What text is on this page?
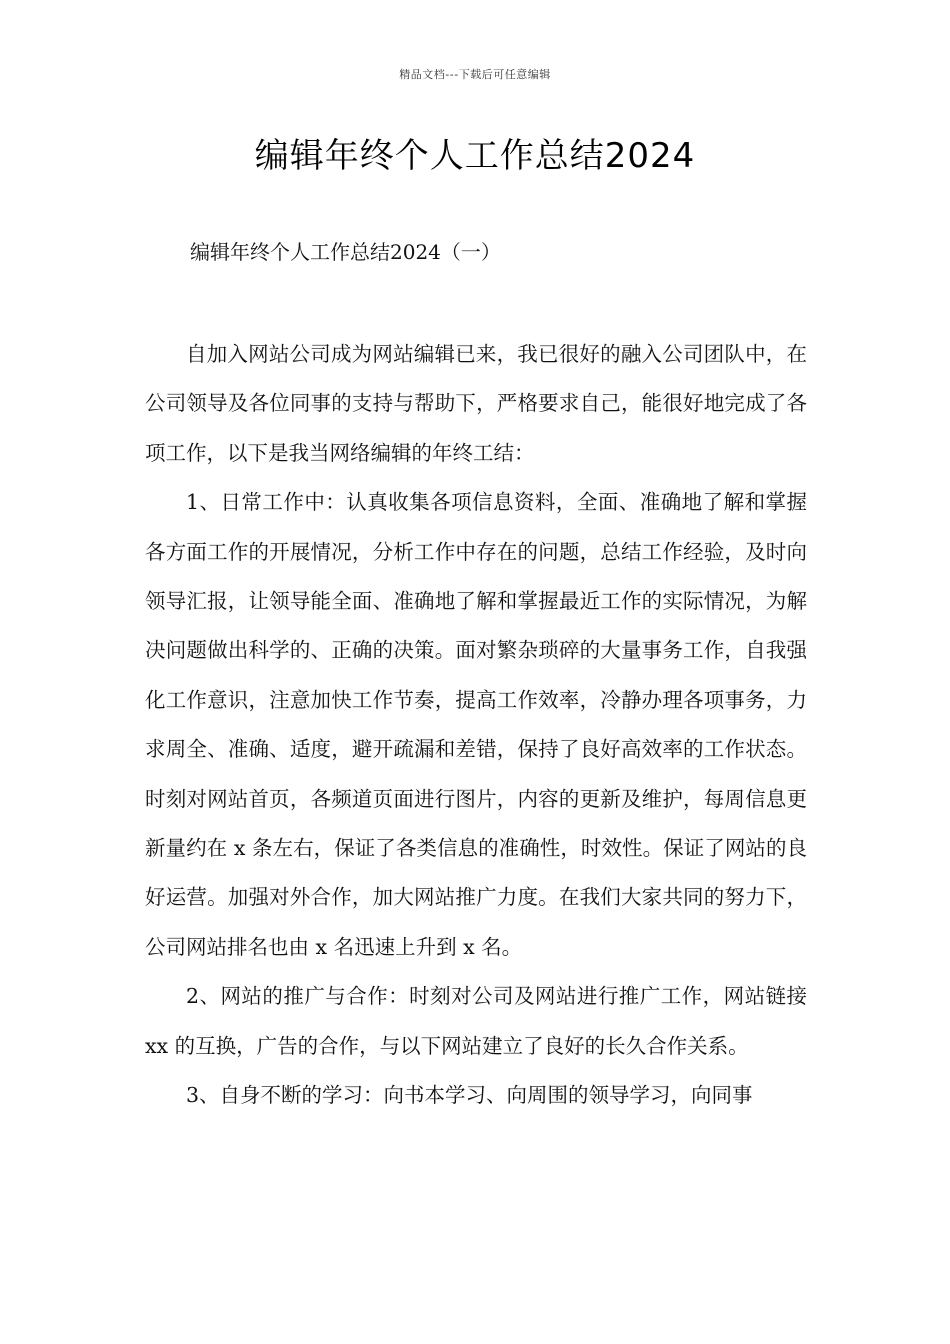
精品文档---下载后可任意编辑
编辑年终个人工作总结2024

编辑年终个人工作总结2024（一）

自加入网站公司成为网站编辑已来，我已很好的融入公司团队中，在公司领导及各位同事的支持与帮助下，严格要求自己，能很好地完成了各项工作，以下是我当网络编辑的年终工结：

1、日常工作中：认真收集各项信息资料，全面、准确地了解和掌握各方面工作的开展情况，分析工作中存在的问题，总结工作经验，及时向领导汇报，让领导能全面、准确地了解和掌握最近工作的实际情况，为解决问题做出科学的、正确的决策。面对繁杂琐碎的大量事务工作，自我强化工作意识，注意加快工作节奏，提高工作效率，冷静办理各项事务，力求周全、准确、适度，避开疏漏和差错，保持了良好高效率的工作状态。时刻对网站首页，各频道页面进行图片，内容的更新及维护，每周信息更新量约在 x 条左右，保证了各类信息的准确性，时效性。保证了网站的良好运营。加强对外合作，加大网站推广力度。在我们大家共同的努力下，公司网站排名也由 x 名迅速上升到 x 名。

2、网站的推广与合作：时刻对公司及网站进行推广工作，网站链接 xx 的互换，广告的合作，与以下网站建立了良好的长久合作关系。

3、自身不断的学习：向书本学习、向周围的领导学习，向同事
